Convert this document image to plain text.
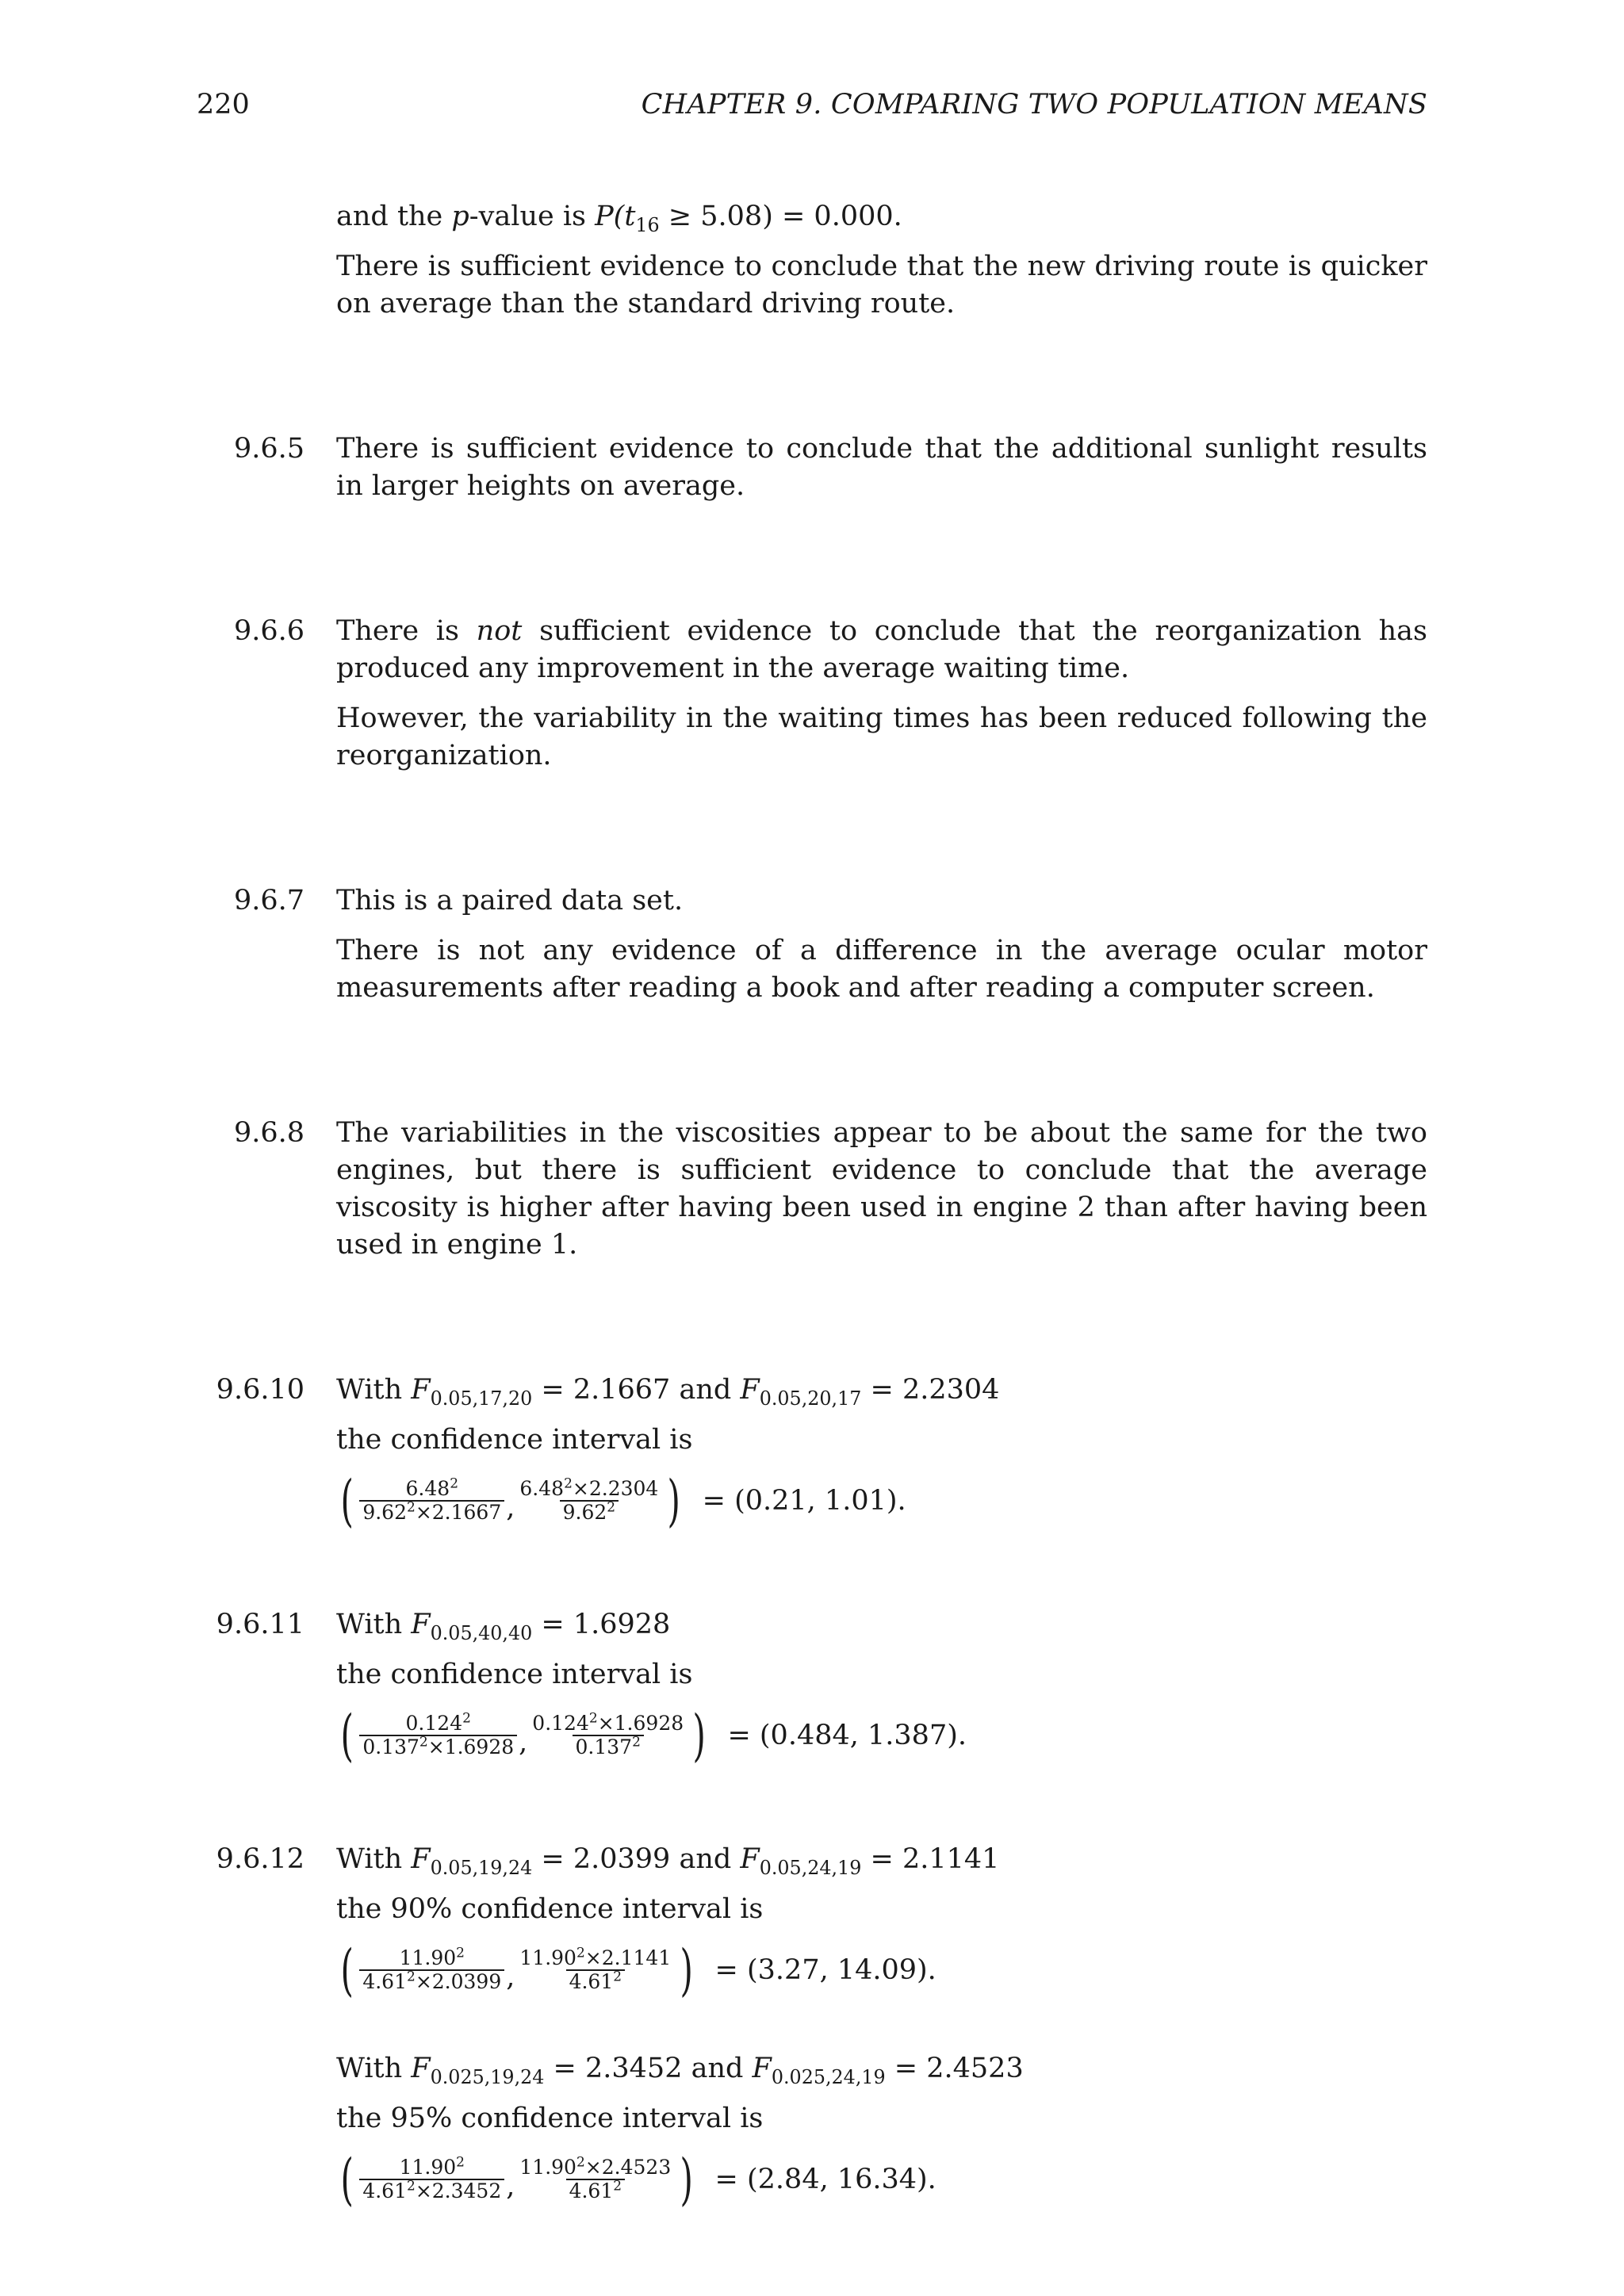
220	CHAPTER 9. COMPARING TWO POPULATION MEANS

and the p-value is $P(t_{16} \ge 5.08) = 0.000$.

There is sufficient evidence to conclude that the new driving route is quicker on average than the standard driving route.

9.6.5 There is sufficient evidence to conclude that the additional sunlight results in larger heights on average.

9.6.6 There is not sufficient evidence to conclude that the reorganization has produced any improvement in the average waiting time.

However, the variability in the waiting times has been reduced following the reorganization.

9.6.7 This is a paired data set.

There is not any evidence of a difference in the average ocular motor measurements after reading a book and after reading a computer screen.

9.6.8 The variabilities in the viscosities appear to be about the same for the two engines, but there is sufficient evidence to conclude that the average viscosity is higher after having been used in engine 2 than after having been used in engine 1.

9.6.10 With $F_{0.05,17,20} = 2.1667$ and $F_{0.05,20,17} = 2.2304$

the confidence interval is

( $\frac{6.48^2}{9.62^2\times 2.1667}$ , $\frac{6.48^2\times 2.2304}{9.62^2}$ ) = (0.21, 1.01).
9.6.11 With $F_{0.05,40,40} = 1.6928$

the confidence interval is

( $\frac{0.124^2}{0.137^2\times 1.6928}$ , $\frac{0.124^2\times 1.6928}{0.137^2}$ ) = (0.484, 1.387).
9.6.12 With $F_{0.05,19,24} = 2.0399$ and $F_{0.05,24,19} = 2.1141$

the 90% confidence interval is

( $\frac{11.90^2}{4.61^2\times 2.0399}$ , $\frac{11.90^2\times 2.1141}{4.61^2}$ ) = (3.27, 14.09).

With $F_{0.025,19,24} = 2.3452$ and $F_{0.025,24,19} = 2.4523$

the 95% confidence interval is

( $\frac{11.90^2}{4.61^2\times 2.3452}$ , $\frac{11.90^2\times 2.4523}{4.61^2}$ ) = (2.84, 16.34).
